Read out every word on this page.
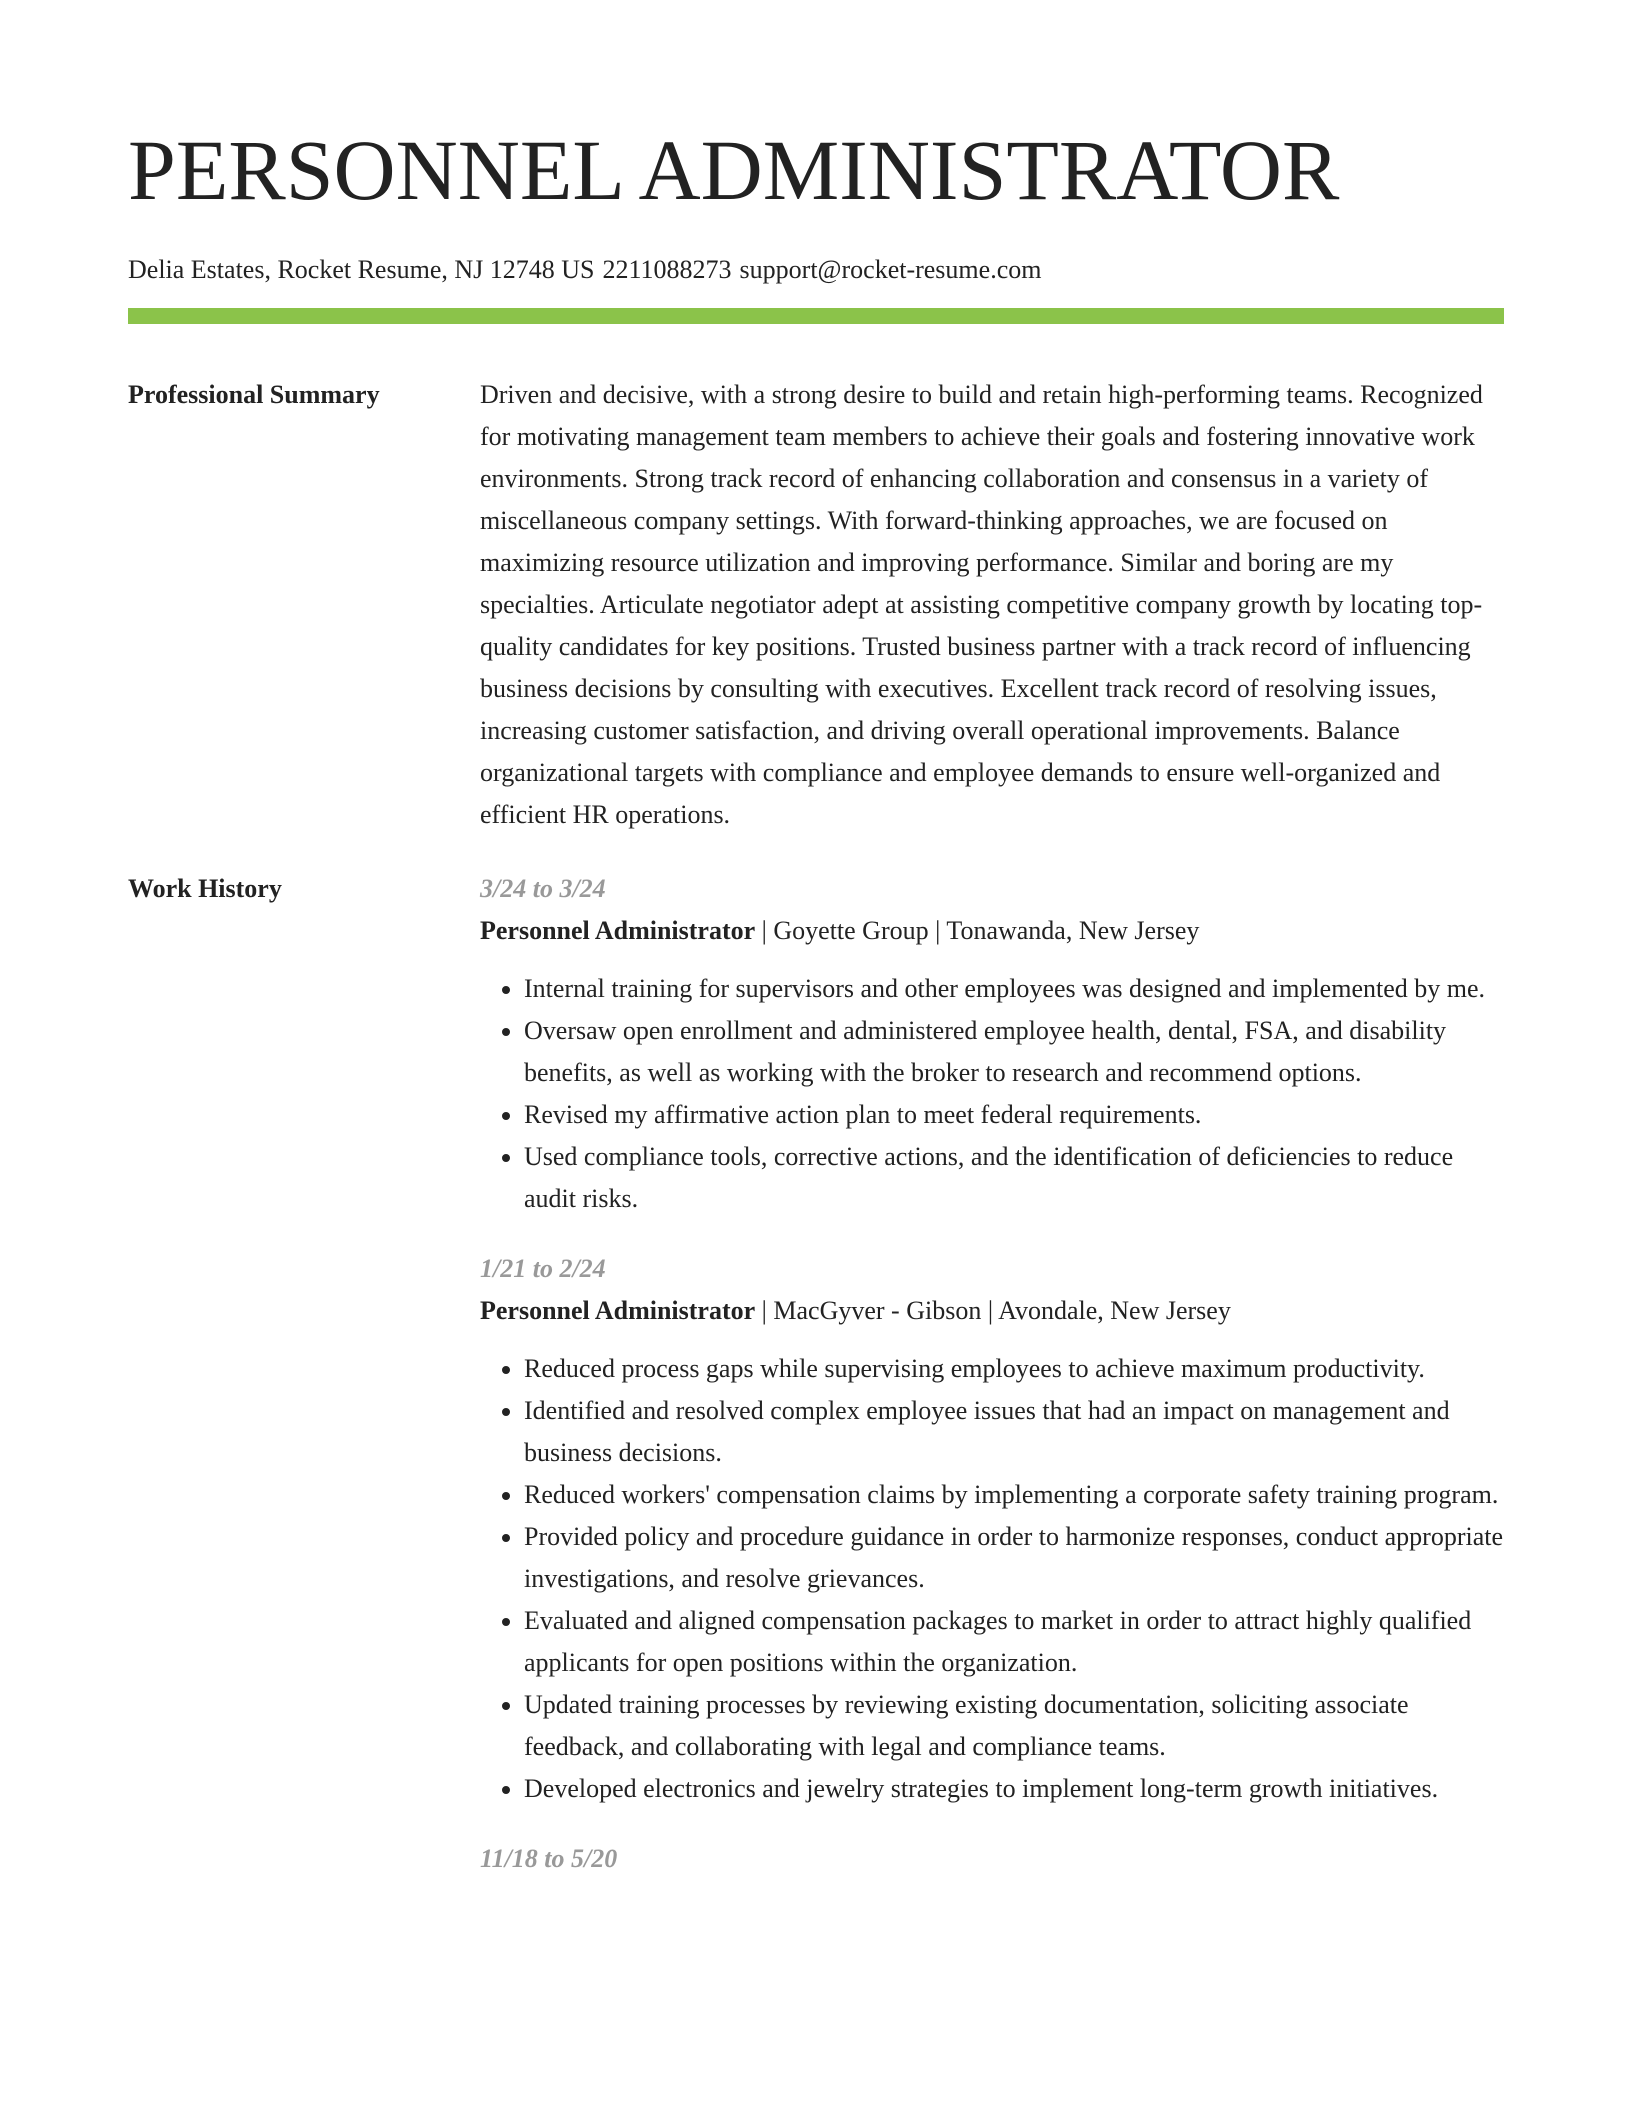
PERSONNEL ADMINISTRATOR
Delia Estates, Rocket Resume, NJ 12748 US 2211088273 support@rocket-resume.com
Professional Summary	Driven and decisive, with a strong desire to build and retain high-performing teams. Recognized for motivating management team members to achieve their goals and fostering innovative work environments. Strong track record of enhancing collaboration and consensus in a variety of miscellaneous company settings. With forward-thinking approaches, we are focused on maximizing resource utilization and improving performance. Similar and boring are my specialties. Articulate negotiator adept at assisting competitive company growth by locating top-quality candidates for key positions. Trusted business partner with a track record of influencing business decisions by consulting with executives. Excellent track record of resolving issues, increasing customer satisfaction, and driving overall operational improvements. Balance organizational targets with compliance and employee demands to ensure well-organized and efficient HR operations.
Work History	3/24 to 3/24
Personnel Administrator | Goyette Group | Tonawanda, New Jersey
• Internal training for supervisors and other employees was designed and implemented by me.
• Oversaw open enrollment and administered employee health, dental, FSA, and disability benefits, as well as working with the broker to research and recommend options.
• Revised my affirmative action plan to meet federal requirements.
• Used compliance tools, corrective actions, and the identification of deficiencies to reduce audit risks.
1/21 to 2/24
Personnel Administrator | MacGyver - Gibson | Avondale, New Jersey
• Reduced process gaps while supervising employees to achieve maximum productivity.
• Identified and resolved complex employee issues that had an impact on management and business decisions.
• Reduced workers' compensation claims by implementing a corporate safety training program.
• Provided policy and procedure guidance in order to harmonize responses, conduct appropriate investigations, and resolve grievances.
• Evaluated and aligned compensation packages to market in order to attract highly qualified applicants for open positions within the organization.
• Updated training processes by reviewing existing documentation, soliciting associate feedback, and collaborating with legal and compliance teams.
• Developed electronics and jewelry strategies to implement long-term growth initiatives.
11/18 to 5/20
